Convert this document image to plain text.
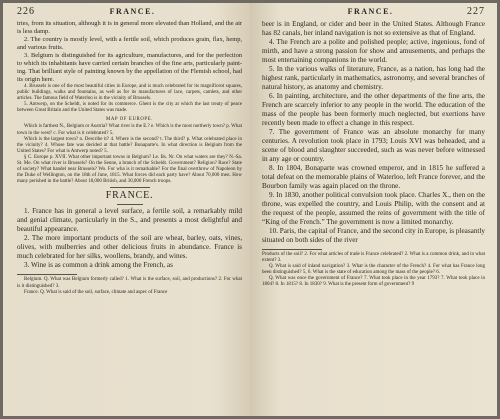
226	FRANCE.

tries, from its situation, although it is in general more elevated than Holland, and the air is less damp.

2. The country is mostly level, with a fertile soil, which produces grain, flax, hemp, and various fruits.

3. Belgium is distinguished for its agriculture, manufactures, and for the perfection to which its inhabitants have carried certain branches of the fine arts, particularly painting. That brilliant style of painting known by the appellation of the Flemish school, had its origin here.

4. Brussels is one of the most beautiful cities in Europe, and is much celebrated for its magnificent squares, public buildings, walks and fountains, as well as for its manufactures of lace, carpets, camlets, and other articles. The famous field of Waterloo is in the vicinity of Brussels.

5. Antwerp, on the Scheldt, is noted for its commerce. Ghent is the city at which the last treaty of peace between Great Britain and the United States was made.

MAP OF EUROPE.

Which is farthest N., Belgium or Austria? What river is the E.? e. Which is the most northerly town? p. What town in the west? c. For what is it celebrated? 5.

Which is the largest town? n. Describe it? 4. Where is the second? t. The third? p. What celebrated place in the vicinity? 4. Whose fate was decided at that battle? Bonaparte's. In what direction is Belgium from the United States? For what is Antwerp noted? 5.

§ C. Europe p. XVII. What other important towns in Belgium? Le. Bs. Nr. On what waters are they? N.-Sa. St. Me. On what river is Brussels? On the Senne, a branch of the Scheldt. Government? Religion? Race? State of society? What handel near Brussels? Wo. For wha is it remarkable? For the final overthrow of Napoleon by the Duke of Wellington, on the 18th of June, 1815. What forces did each party have? About 70,000 men. How many perished in the battle? About 18,000 British, and 30,000 French troops.

FRANCE.

1. France has in general a level surface, a fertile soil, a remarkably mild and genial climate, particularly in the S., and presents a most delightful and beautiful appearance.

2. The more important products of the soil are wheat, barley, oats, vines, olives, with mulberries and other delicious fruits in abundance. France is much celebrated for her silks, woollens, brandy, and wines.

3. Wine is as common a drink among the French, as

Belgium. Q. What was Belgium formerly called? 1. What is the surface, soil, and productions? 2. For what is it distinguished? 3.

France. Q. What is said of the soil, surface, climate and aspec of France

FRANCE.	227

beer is in England, or cider and beer in the United States. Although France has 82 canals, her inland navigation is not so extensive as that of England.

4. The French are a polite and polished people; active, ingenious, fond of mirth, and have a strong passion for show and amusements, and perhaps the most entertaining companions in the world.

5. In the various walks of literature, France, as a nation, has long had the highest rank, particularly in mathematics, astronomy, and several branches of natural history, as anatomy and chemistry.

6. In painting, architecture, and the other departments of the fine arts, the French are scarcely inferior to any people in the world. The education of the mass of the people has been formerly much neglected, but exertions have recently been made to effect a change in this respect.

7. The government of France was an absolute monarchy for many centuries. A revolution took place in 1793; Louis XVI was beheaded, and a scene of blood and slaughter succeeded, such as was never before witnessed in any age or country.

8. In 1804, Bonaparte was crowned emperor, and in 1815 he suffered a total defeat on the memorable plains of Waterloo, left France forever, and the Bourbon family was again placed on the throne.

9. In 1830, another political convulsion took place. Charles X., then on the throne, was expelled the country, and Louis Philip, with the consent and at the request of the people, assumed the reins of government with the title of “King of the French.” The government is now a limited monarchy.

10. Paris, the capital of France, and the second city in Europe, is pleasantly situated on both sides of the river

Products of the soil? 2. For what articles of trade is France celebrated? 2. What is a common drink, and in what extent? 3.

Q. What is said of inland navigation? 3. What is the character of the French? 4. For what has France long been distinguished? 5, 6. What is the state of education among the mass of the people? 6.

Q. What was once the government of France? 7. What took place in the year 1793? 7. What took place in 1804? 8. In 1815? 8. In 1830? 9. What is the present form of government? 9
